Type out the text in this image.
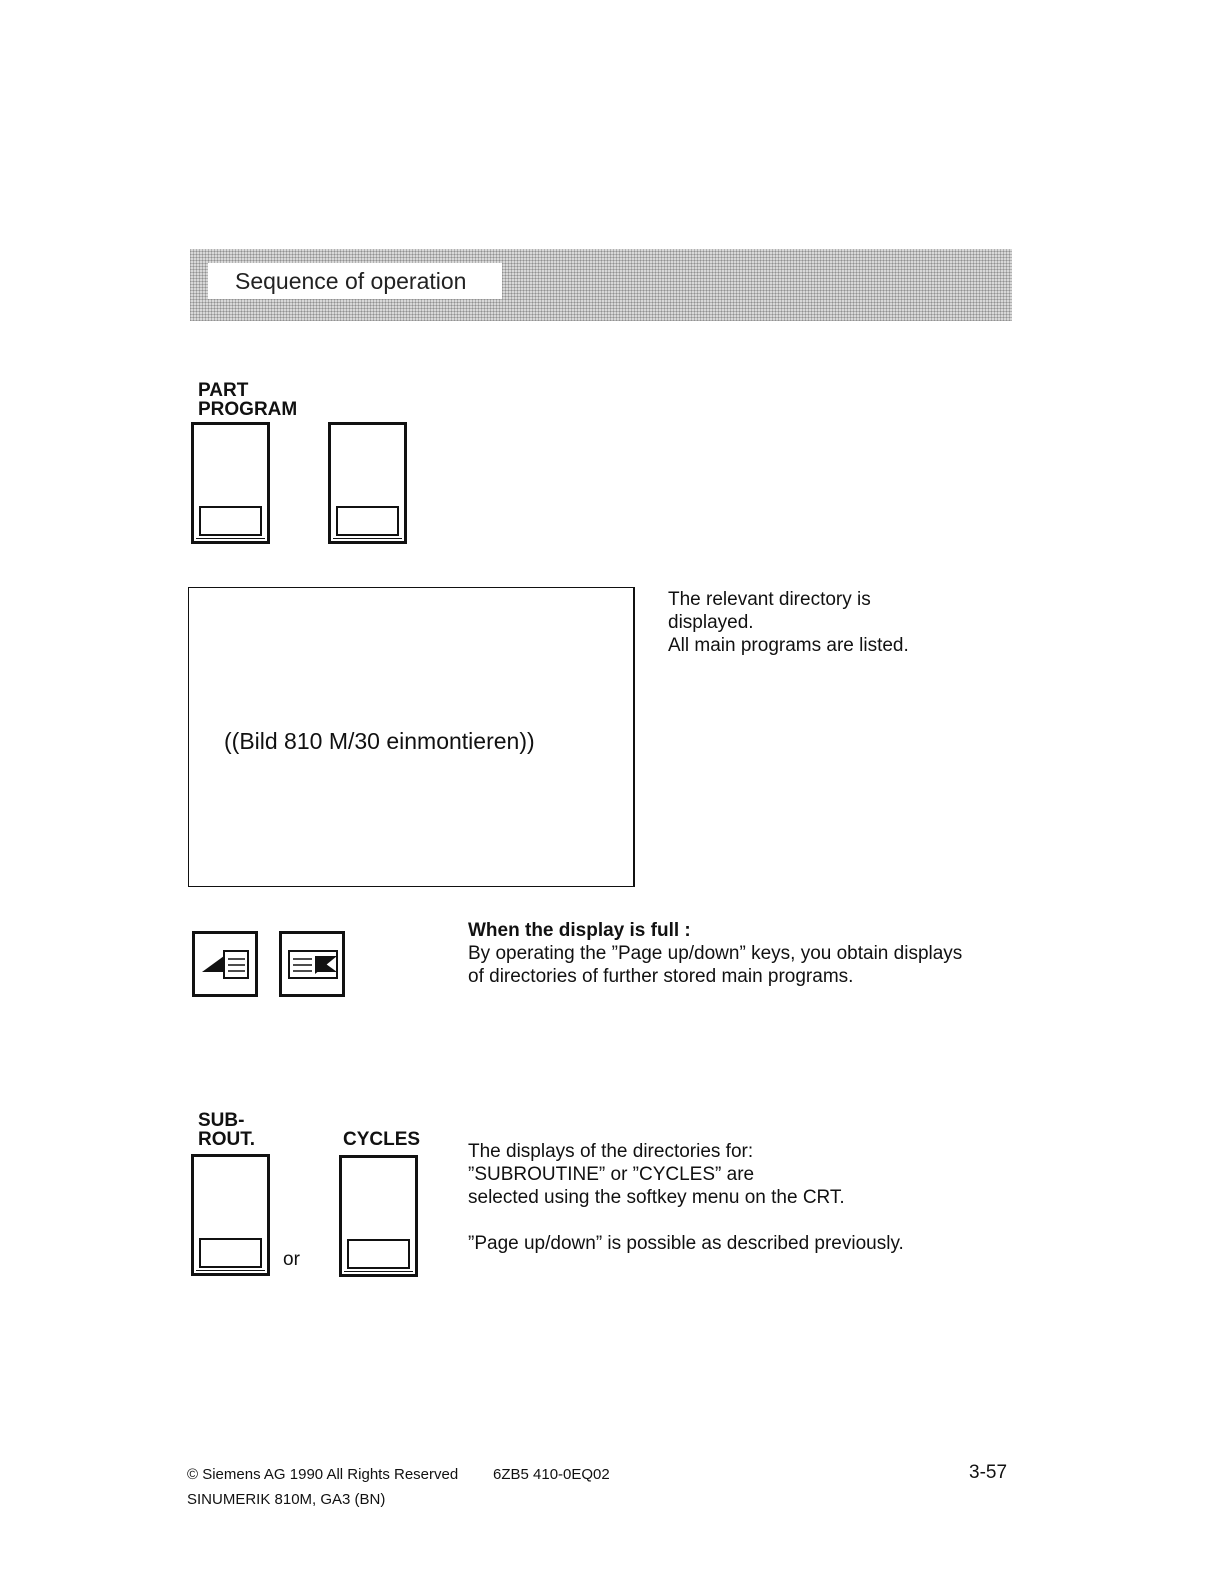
Sequence of operation
PART
PROGRAM
((Bild 810 M/30 einmontieren))
The relevant directory is
displayed.
All main programs are listed.
When the display is full :
By operating the ”Page up/down” keys, you obtain displays
of directories of further stored main programs.
SUB-
ROUT.	CYCLES
or
The displays of the directories for:
”SUBROUTINE” or ”CYCLES” are
selected using the softkey menu on the CRT.
”Page up/down” is possible as described previously.
© Siemens AG 1990 All Rights Reserved 6ZB5 410-0EQ02	3-57
SINUMERIK 810M, GA3 (BN)
